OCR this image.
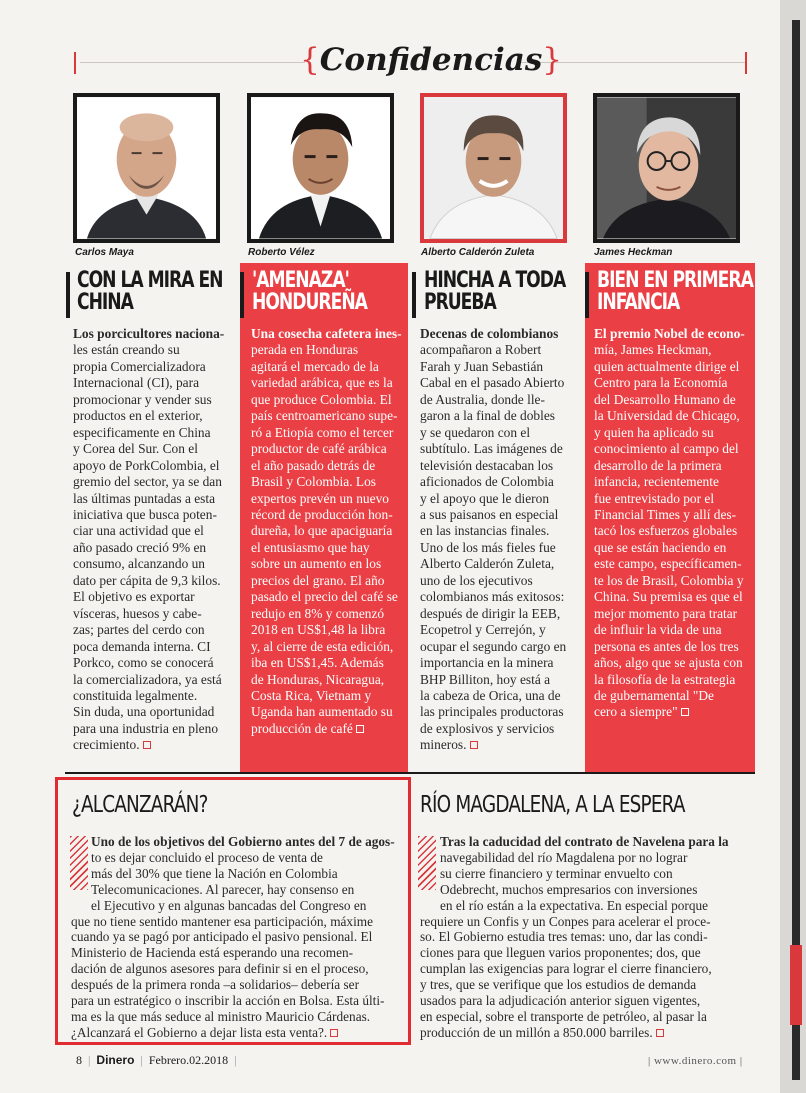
{Confidencias}
Carlos Maya	Roberto Vélez	Alberto Calderón Zuleta	James Heckman
CON LA MIRA EN
CHINA
'AMENAZA'
HONDUREÑA
HINCHA A TODA
PRUEBA
BIEN EN PRIMERA
INFANCIA
Los porcicultores naciona-
les están creando su
propia Comercializadora
Internacional (CI), para
promocionar y vender sus
productos en el exterior,
especificamente en China
y Corea del Sur. Con el
apoyo de PorkColombia, el
gremio del sector, ya se dan
las últimas puntadas a esta
iniciativa que busca poten-
ciar una actividad que el
año pasado creció 9% en
consumo, alcanzando un
dato per cápita de 9,3 kilos.
El objetivo es exportar
vísceras, huesos y cabe-
zas; partes del cerdo con
poca demanda interna. CI
Porkco, como se conocerá
la comercializadora, ya está
constituida legalmente.
Sin duda, una oportunidad
para una industria en pleno
crecimiento.
Una cosecha cafetera ines-
perada en Honduras
agitará el mercado de la
variedad arábica, que es la
que produce Colombia. El
país centroamericano supe-
ró a Etiopía como el tercer
productor de café arábica
el año pasado detrás de
Brasil y Colombia. Los
expertos prevén un nuevo
récord de producción hon-
dureña, lo que apaciguaría
el entusiasmo que hay
sobre un aumento en los
precios del grano. El año
pasado el precio del café se
redujo en 8% y comenzó
2018 en US$1,48 la libra
y, al cierre de esta edición,
iba en US$1,45. Además
de Honduras, Nicaragua,
Costa Rica, Vietnam y
Uganda han aumentado su
producción de café
Decenas de colombianos
acompañaron a Robert
Farah y Juan Sebastián
Cabal en el pasado Abierto
de Australia, donde lle-
garon a la final de dobles
y se quedaron con el
subtítulo. Las imágenes de
televisión destacaban los
aficionados de Colombia
y el apoyo que le dieron
a sus paisanos en especial
en las instancias finales.
Uno de los más fieles fue
Alberto Calderón Zuleta,
uno de los ejecutivos
colombianos más exitosos:
después de dirigir la EEB,
Ecopetrol y Cerrejón, y
ocupar el segundo cargo en
importancia en la minera
BHP Billiton, hoy está a
la cabeza de Orica, una de
las principales productoras
de explosivos y servicios
mineros.
El premio Nobel de econo-
mía, James Heckman,
quien actualmente dirige el
Centro para la Economía
del Desarrollo Humano de
la Universidad de Chicago,
y quien ha aplicado su
conocimiento al campo del
desarrollo de la primera
infancia, recientemente
fue entrevistado por el
Financial Times y allí des-
tacó los esfuerzos globales
que se están haciendo en
este campo, específicamen-
te los de Brasil, Colombia y
China. Su premisa es que el
mejor momento para tratar
de influir la vida de una
persona es antes de los tres
años, algo que se ajusta con
la filosofía de la estrategia
de gubernamental "De
cero a siempre"
¿ALCANZARÁN?
Uno de los objetivos del Gobierno antes del 7 de agos-
to es dejar concluido el proceso de venta de
más del 30% que tiene la Nación en Colombia
Telecomunicaciones. Al parecer, hay consenso en
el Ejecutivo y en algunas bancadas del Congreso en
que no tiene sentido mantener esa participación, máxime
cuando ya se pagó por anticipado el pasivo pensional. El
Ministerio de Hacienda está esperando una recomen-
dación de algunos asesores para definir si en el proceso,
después de la primera ronda –a solidarios– debería ser
para un estratégico o inscribir la acción en Bolsa. Esta últi-
ma es la que más seduce al ministro Mauricio Cárdenas.
¿Alcanzará el Gobierno a dejar lista esta venta?.
RÍO MAGDALENA, A LA ESPERA
Tras la caducidad del contrato de Navelena para la
navegabilidad del río Magdalena por no lograr
su cierre financiero y terminar envuelto con
Odebrecht, muchos empresarios con inversiones
en el río están a la expectativa. En especial porque
requiere un Confis y un Conpes para acelerar el proce-
so. El Gobierno estudia tres temas: uno, dar las condi-
ciones para que lleguen varios proponentes; dos, que
cumplan las exigencias para lograr el cierre financiero,
y tres, que se verifique que los estudios de demanda
usados para la adjudicación anterior siguen vigentes,
en especial, sobre el transporte de petróleo, al pasar la
producción de un millón a 850.000 barriles.
8 | Dinero | Febrero.02.2018 |	| www.dinero.com |
